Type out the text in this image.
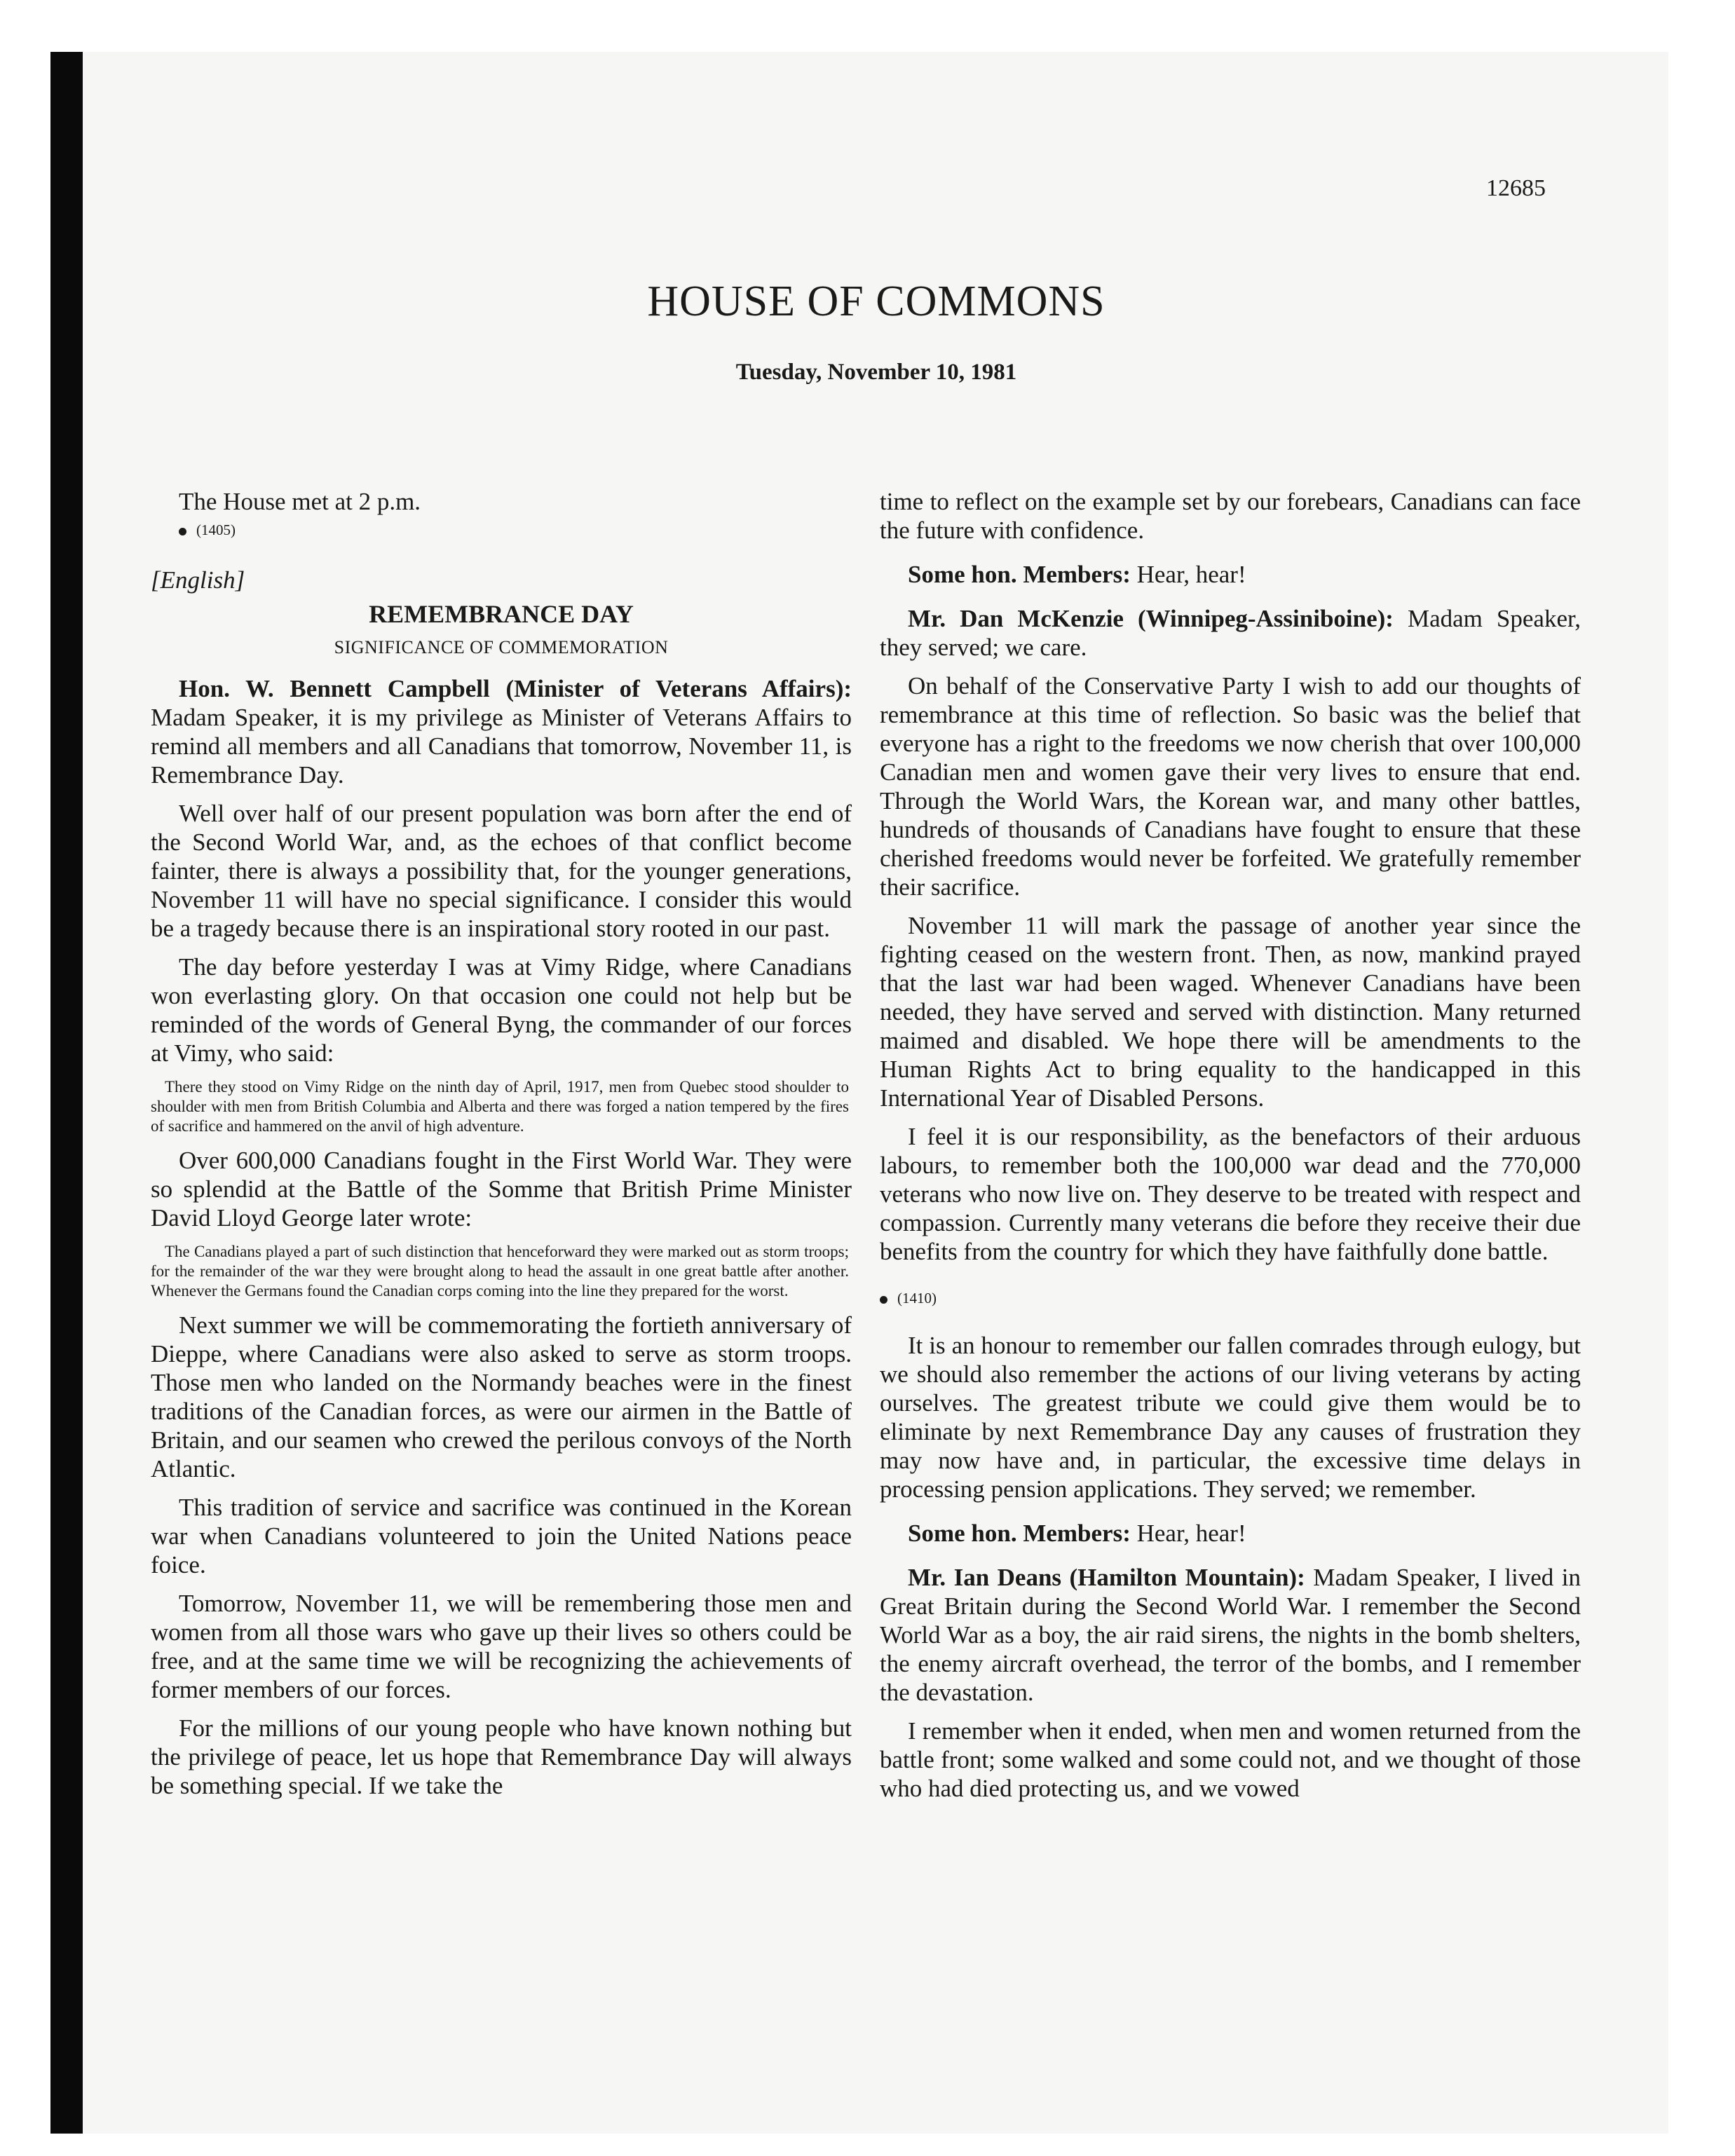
12685
HOUSE OF COMMONS
Tuesday, November 10, 1981

The House met at 2 p.m.

(1405)

[English]

REMEMBRANCE DAY

SIGNIFICANCE OF COMMEMORATION

Hon. W. Bennett Campbell (Minister of Veterans Affairs): Madam Speaker, it is my privilege as Minister of Veterans Affairs to remind all members and all Canadians that tomorrow, November 11, is Remembrance Day.

Well over half of our present population was born after the end of the Second World War, and, as the echoes of that conflict become fainter, there is always a possibility that, for the younger generations, November 11 will have no special significance. I consider this would be a tragedy because there is an inspirational story rooted in our past.

The day before yesterday I was at Vimy Ridge, where Canadians won everlasting glory. On that occasion one could not help but be reminded of the words of General Byng, the commander of our forces at Vimy, who said:

There they stood on Vimy Ridge on the ninth day of April, 1917, men from Quebec stood shoulder to shoulder with men from British Columbia and Alberta and there was forged a nation tempered by the fires of sacrifice and hammered on the anvil of high adventure.

Over 600,000 Canadians fought in the First World War. They were so splendid at the Battle of the Somme that British Prime Minister David Lloyd George later wrote:

The Canadians played a part of such distinction that henceforward they were marked out as storm troops; for the remainder of the war they were brought along to head the assault in one great battle after another. Whenever the Germans found the Canadian corps coming into the line they prepared for the worst.

Next summer we will be commemorating the fortieth anniversary of Dieppe, where Canadians were also asked to serve as storm troops. Those men who landed on the Normandy beaches were in the finest traditions of the Canadian forces, as were our airmen in the Battle of Britain, and our seamen who crewed the perilous convoys of the North Atlantic.

This tradition of service and sacrifice was continued in the Korean war when Canadians volunteered to join the United Nations peace foice.

Tomorrow, November 11, we will be remembering those men and women from all those wars who gave up their lives so others could be free, and at the same time we will be recognizing the achievements of former members of our forces.

For the millions of our young people who have known nothing but the privilege of peace, let us hope that Remembrance Day will always be something special. If we take the

time to reflect on the example set by our forebears, Canadians can face the future with confidence.

Some hon. Members: Hear, hear!

Mr. Dan McKenzie (Winnipeg-Assiniboine): Madam Speaker, they served; we care.

On behalf of the Conservative Party I wish to add our thoughts of remembrance at this time of reflection. So basic was the belief that everyone has a right to the freedoms we now cherish that over 100,000 Canadian men and women gave their very lives to ensure that end. Through the World Wars, the Korean war, and many other battles, hundreds of thousands of Canadians have fought to ensure that these cherished freedoms would never be forfeited. We gratefully remember their sacrifice.

November 11 will mark the passage of another year since the fighting ceased on the western front. Then, as now, mankind prayed that the last war had been waged. Whenever Canadians have been needed, they have served and served with distinction. Many returned maimed and disabled. We hope there will be amendments to the Human Rights Act to bring equality to the handicapped in this International Year of Disabled Persons.

I feel it is our responsibility, as the benefactors of their arduous labours, to remember both the 100,000 war dead and the 770,000 veterans who now live on. They deserve to be treated with respect and compassion. Currently many veterans die before they receive their due benefits from the country for which they have faithfully done battle.

(1410)

It is an honour to remember our fallen comrades through eulogy, but we should also remember the actions of our living veterans by acting ourselves. The greatest tribute we could give them would be to eliminate by next Remembrance Day any causes of frustration they may now have and, in particular, the excessive time delays in processing pension applications. They served; we remember.

Some hon. Members: Hear, hear!

Mr. Ian Deans (Hamilton Mountain): Madam Speaker, I lived in Great Britain during the Second World War. I remember the Second World War as a boy, the air raid sirens, the nights in the bomb shelters, the enemy aircraft overhead, the terror of the bombs, and I remember the devastation.

I remember when it ended, when men and women returned from the battle front; some walked and some could not, and we thought of those who had died protecting us, and we vowed
